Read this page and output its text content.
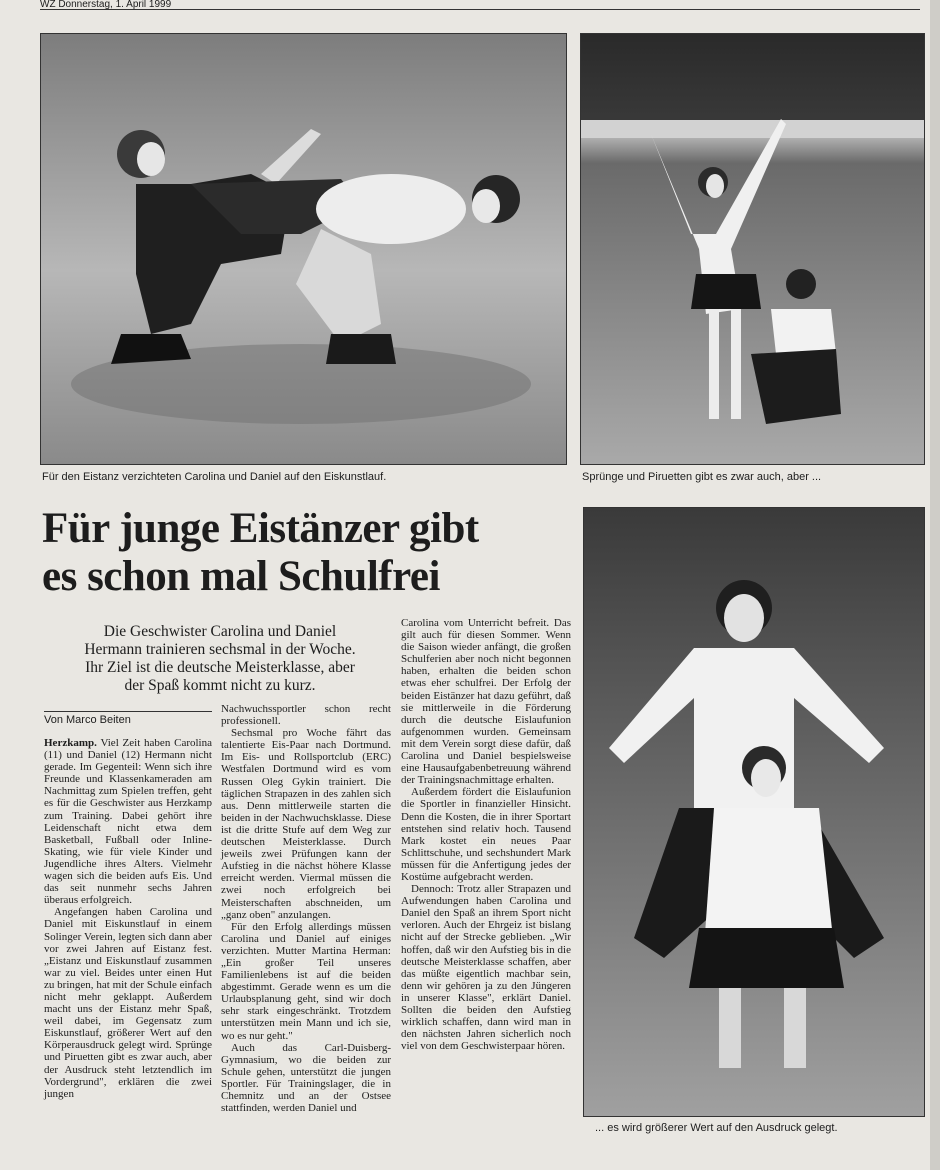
WZ Donnerstag, 1. April 1999
Für den Eistanz verzichteten Carolina und Daniel auf den Eiskunstlauf.	Sprünge und Piruetten gibt es zwar auch, aber ...
... es wird größerer Wert auf den Ausdruck gelegt.
Für junge Eistänzer gibt
es schon mal Schulfrei
Die Geschwister Carolina und Daniel
Hermann trainieren sechsmal in der Woche.
Ihr Ziel ist die deutsche Meisterklasse, aber
der Spaß kommt nicht zu kurz.
Von Marco Beiten

Herzkamp. Viel Zeit haben Carolina (11) und Daniel (12) Hermann nicht gerade. Im Gegenteil: Wenn sich ihre Freunde und Klassenkameraden am Nachmittag zum Spielen treffen, geht es für die Geschwister aus Herzkamp zum Training. Dabei gehört ihre Leidenschaft nicht etwa dem Basketball, Fußball oder Inline-Skating, wie für viele Kinder und Jugendliche ihres Alters. Vielmehr wagen sich die beiden aufs Eis. Und das seit nunmehr sechs Jahren überaus erfolgreich.

Angefangen haben Carolina und Daniel mit Eiskunstlauf in einem Solinger Verein, legten sich dann aber vor zwei Jahren auf Eistanz fest. „Eistanz und Eiskunstlauf zusammen war zu viel. Beides unter einen Hut zu bringen, hat mit der Schule einfach nicht mehr geklappt. Außerdem macht uns der Eistanz mehr Spaß, weil dabei, im Gegensatz zum Eiskunstlauf, größerer Wert auf den Körperausdruck gelegt wird. Sprünge und Piruetten gibt es zwar auch, aber der Ausdruck steht letztendlich im Vordergrund", erklären die zwei jungen

Nachwuchssportler schon recht professionell.

Sechsmal pro Woche fährt das talentierte Eis-Paar nach Dortmund. Im Eis- und Rollsportclub (ERC) Westfalen Dortmund wird es vom Russen Oleg Gykin trainiert. Die täglichen Strapazen in des zahlen sich aus. Denn mittlerweile starten die beiden in der Nachwuchsklasse. Diese ist die dritte Stufe auf dem Weg zur deutschen Meisterklasse. Durch jeweils zwei Prüfungen kann der Aufstieg in die nächst höhere Klasse erreicht werden. Viermal müssen die zwei noch erfolgreich bei Meisterschaften abschneiden, um „ganz oben" anzulangen.

Für den Erfolg allerdings müssen Carolina und Daniel auf einiges verzichten. Mutter Martina Herman: „Ein großer Teil unseres Familienlebens ist auf die beiden abgestimmt. Gerade wenn es um die Urlaubsplanung geht, sind wir doch sehr stark eingeschränkt. Trotzdem unterstützen mein Mann und ich sie, wo es nur geht."

Auch das Carl-Duisberg-Gymnasium, wo die beiden zur Schule gehen, unterstützt die jungen Sportler. Für Trainingslager, die in Chemnitz und an der Ostsee stattfinden, werden Daniel und

Carolina vom Unterricht befreit. Das gilt auch für diesen Sommer. Wenn die Saison wieder anfängt, die großen Schulferien aber noch nicht begonnen haben, erhalten die beiden schon etwas eher schulfrei. Der Erfolg der beiden Eistänzer hat dazu geführt, daß sie mittlerweile in die Förderung durch die deutsche Eislaufunion aufgenommen wurden. Gemeinsam mit dem Verein sorgt diese dafür, daß Carolina und Daniel bespielsweise eine Hausaufgabenbetreuung während der Trainingsnachmittage erhalten.

Außerdem fördert die Eislaufunion die Sportler in finanzieller Hinsicht. Denn die Kosten, die in ihrer Sportart entstehen sind relativ hoch. Tausend Mark kostet ein neues Paar Schlittschuhe, und sechshundert Mark müssen für die Anfertigung jedes der Kostüme aufgebracht werden.

Dennoch: Trotz aller Strapazen und Aufwendungen haben Carolina und Daniel den Spaß an ihrem Sport nicht verloren. Auch der Ehrgeiz ist bislang nicht auf der Strecke geblieben. „Wir hoffen, daß wir den Aufstieg bis in die deutsche Meisterklasse schaffen, aber das müßte eigentlich machbar sein, denn wir gehören ja zu den Jüngeren in unserer Klasse", erklärt Daniel. Sollten die beiden den Aufstieg wirklich schaffen, dann wird man in den nächsten Jahren sicherlich noch viel von dem Geschwisterpaar hören.
